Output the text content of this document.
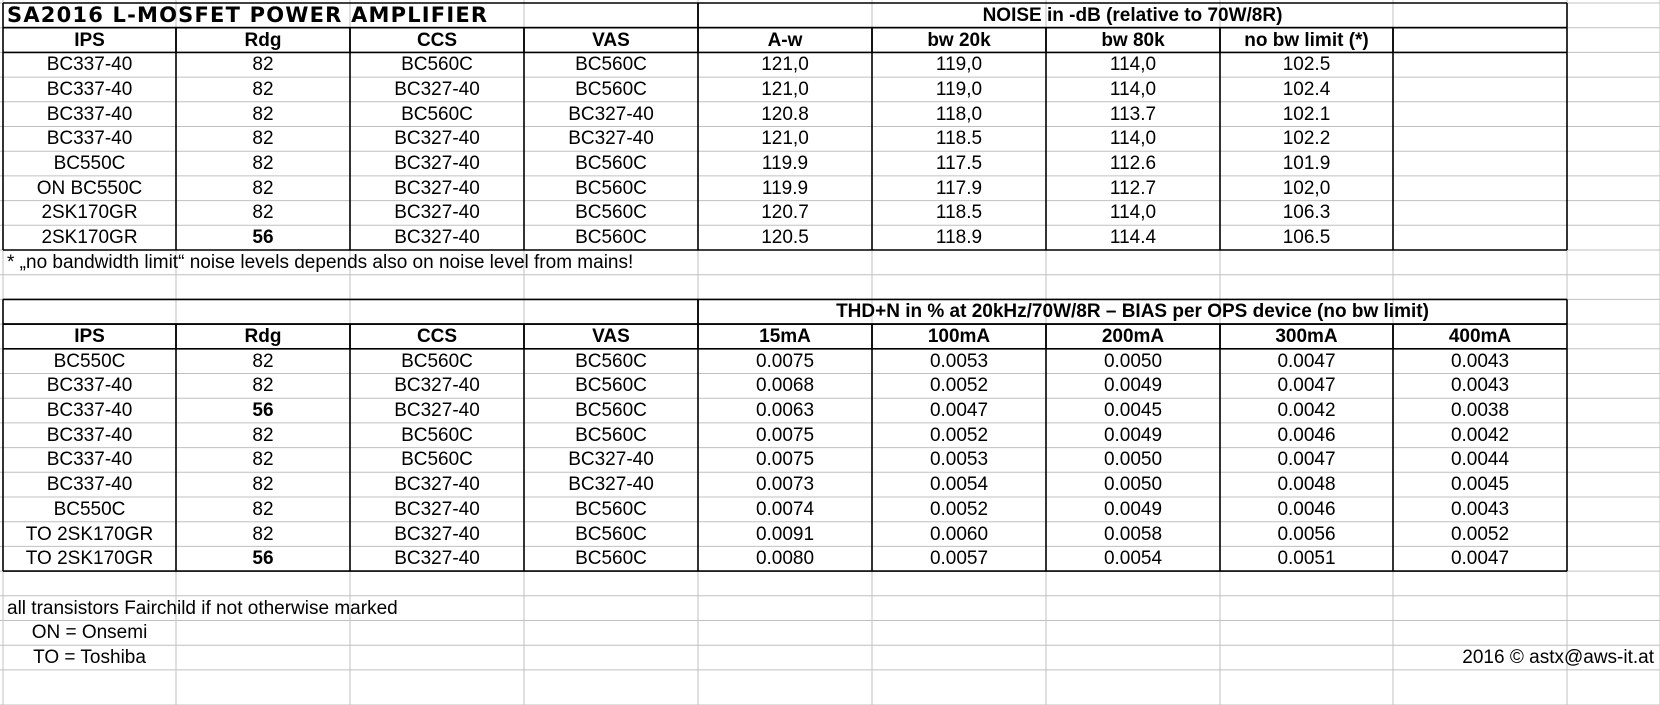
SA2016 L-MOSFET POWER AMPLIFIER	NOISE in -dB (relative to 70W/8R)
IPS	Rdg	CCS	VAS	A-w	bw 20k	bw 80k	no bw limit (*)
BC337-40	82	BC560C	BC560C	121,0	119,0	114,0	102.5
BC337-40	82	BC327-40	BC560C	121,0	119,0	114,0	102.4
BC337-40	82	BC560C	BC327-40	120.8	118,0	113.7	102.1
BC337-40	82	BC327-40	BC327-40	121,0	118.5	114,0	102.2
BC550C	82	BC327-40	BC560C	119.9	117.5	112.6	101.9
ON BC550C	82	BC327-40	BC560C	119.9	117.9	112.7	102,0
2SK170GR	82	BC327-40	BC560C	120.7	118.5	114,0	106.3
2SK170GR	56	BC327-40	BC560C	120.5	118.9	114.4	106.5
* „no bandwidth limit“ noise levels depends also on noise level from mains!
THD+N in % at 20kHz/70W/8R – BIAS per OPS device (no bw limit)
IPS	Rdg	CCS	VAS	15mA	100mA	200mA	300mA	400mA
BC550C	82	BC560C	BC560C	0.0075	0.0053	0.0050	0.0047	0.0043
BC337-40	82	BC327-40	BC560C	0.0068	0.0052	0.0049	0.0047	0.0043
BC337-40	56	BC327-40	BC560C	0.0063	0.0047	0.0045	0.0042	0.0038
BC337-40	82	BC560C	BC560C	0.0075	0.0052	0.0049	0.0046	0.0042
BC337-40	82	BC560C	BC327-40	0.0075	0.0053	0.0050	0.0047	0.0044
BC337-40	82	BC327-40	BC327-40	0.0073	0.0054	0.0050	0.0048	0.0045
BC550C	82	BC327-40	BC560C	0.0074	0.0052	0.0049	0.0046	0.0043
TO 2SK170GR	82	BC327-40	BC560C	0.0091	0.0060	0.0058	0.0056	0.0052
TO 2SK170GR	56	BC327-40	BC560C	0.0080	0.0057	0.0054	0.0051	0.0047
all transistors Fairchild if not otherwise marked
ON = Onsemi
TO = Toshiba	2016 © astx@aws-it.at
